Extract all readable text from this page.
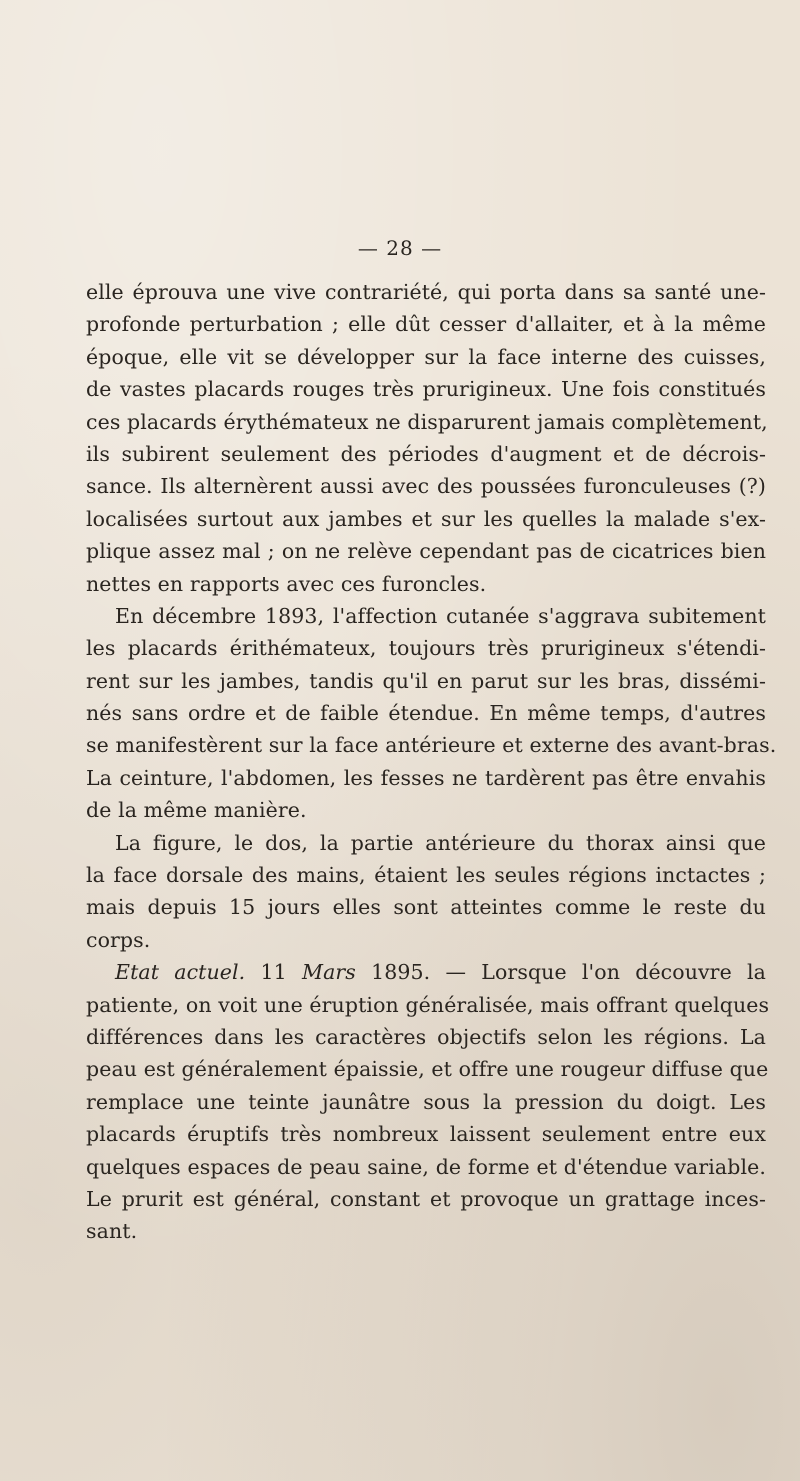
— 28 —
elle éprouva une vive contrariété, qui porta dans sa santé une-
profonde perturbation ; elle dût cesser d'allaiter, et à la même
époque, elle vit se développer sur la face interne des cuisses,
de vastes placards rouges très prurigineux. Une fois constitués
ces placards érythémateux ne disparurent jamais complètement,
ils subirent seulement des périodes d'augment et de décrois-
sance. Ils alternèrent aussi avec des poussées furonculeuses (?)
localisées surtout aux jambes et sur les quelles la malade s'ex-
plique assez mal ; on ne relève cependant pas de cicatrices bien
nettes en rapports avec ces furoncles.
En décembre 1893, l'affection cutanée s'aggrava subitement
les placards érithémateux, toujours très prurigineux s'étendi-
rent sur les jambes, tandis qu'il en parut sur les bras, dissémi-
nés sans ordre et de faible étendue. En même temps, d'autres
se manifestèrent sur la face antérieure et externe des avant-bras.
La ceinture, l'abdomen, les fesses ne tardèrent pas être envahis
de la même manière.
La figure, le dos, la partie antérieure du thorax ainsi que
la face dorsale des mains, étaient les seules régions inctactes ;
mais depuis 15 jours elles sont atteintes comme le reste du
corps.
Etat actuel. 11 Mars 1895. — Lorsque l'on découvre la
patiente, on voit une éruption généralisée, mais offrant quelques
différences dans les caractères objectifs selon les régions. La
peau est généralement épaissie, et offre une rougeur diffuse que
remplace une teinte jaunâtre sous la pression du doigt. Les
placards éruptifs très nombreux laissent seulement entre eux
quelques espaces de peau saine, de forme et d'étendue variable.
Le prurit est général, constant et provoque un grattage inces-
sant.
